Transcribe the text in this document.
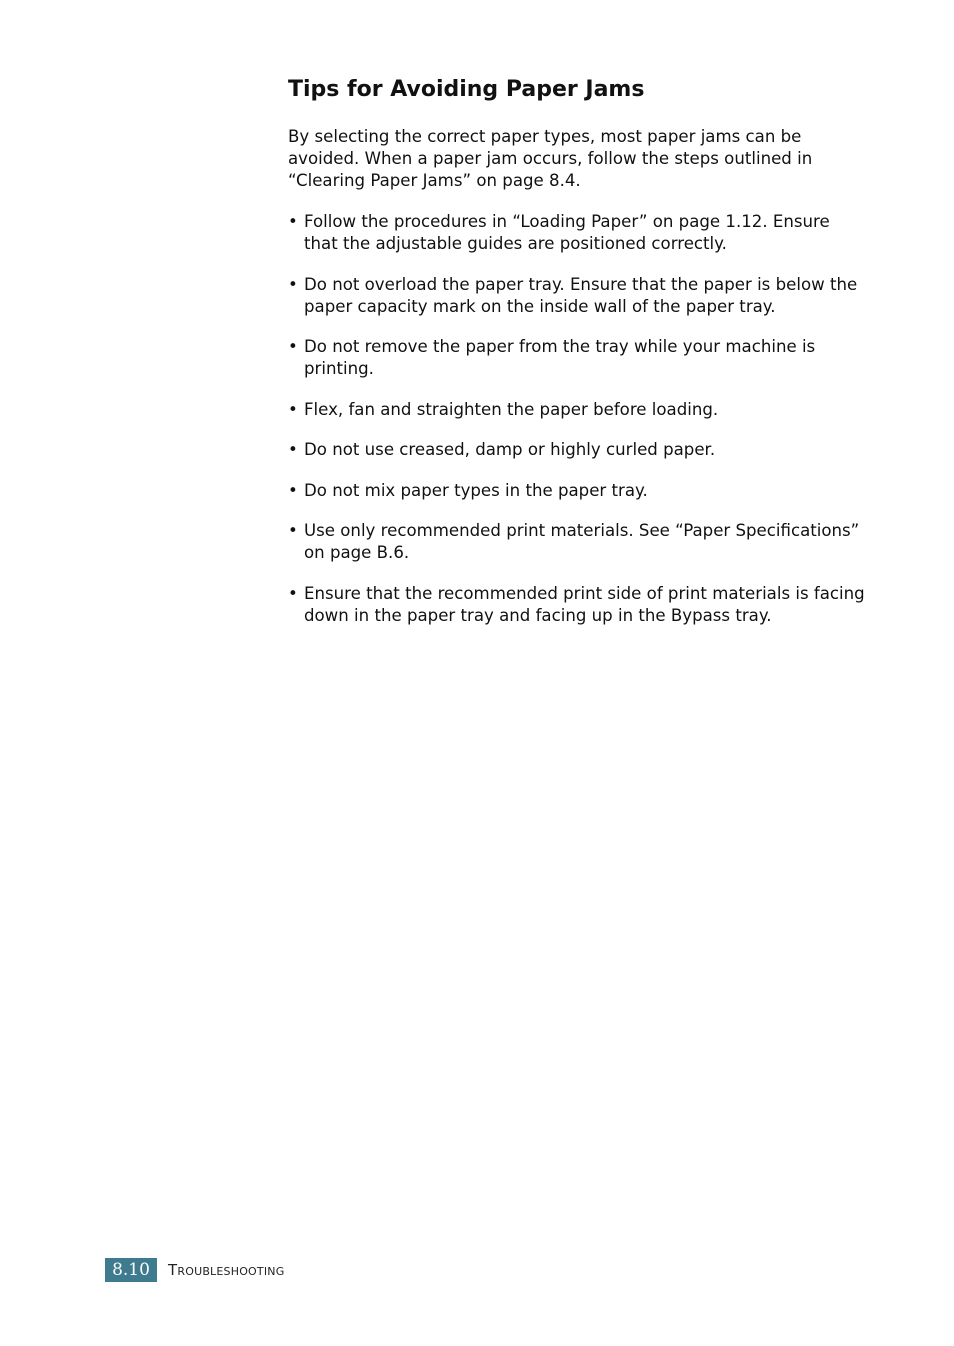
Tips for Avoiding Paper Jams

By selecting the correct paper types, most paper jams can be avoided. When a paper jam occurs, follow the steps outlined in “Clearing Paper Jams” on page 8.4.

• Follow the procedures in “Loading Paper” on page 1.12. Ensure that the adjustable guides are positioned correctly.
• Do not overload the paper tray. Ensure that the paper is below the paper capacity mark on the inside wall of the paper tray.
• Do not remove the paper from the tray while your machine is printing.
• Flex, fan and straighten the paper before loading.
• Do not use creased, damp or highly curled paper.
• Do not mix paper types in the paper tray.
• Use only recommended print materials. See “Paper Specifications” on page B.6.
• Ensure that the recommended print side of print materials is facing down in the paper tray and facing up in the Bypass tray.
8.10	Troubleshooting
